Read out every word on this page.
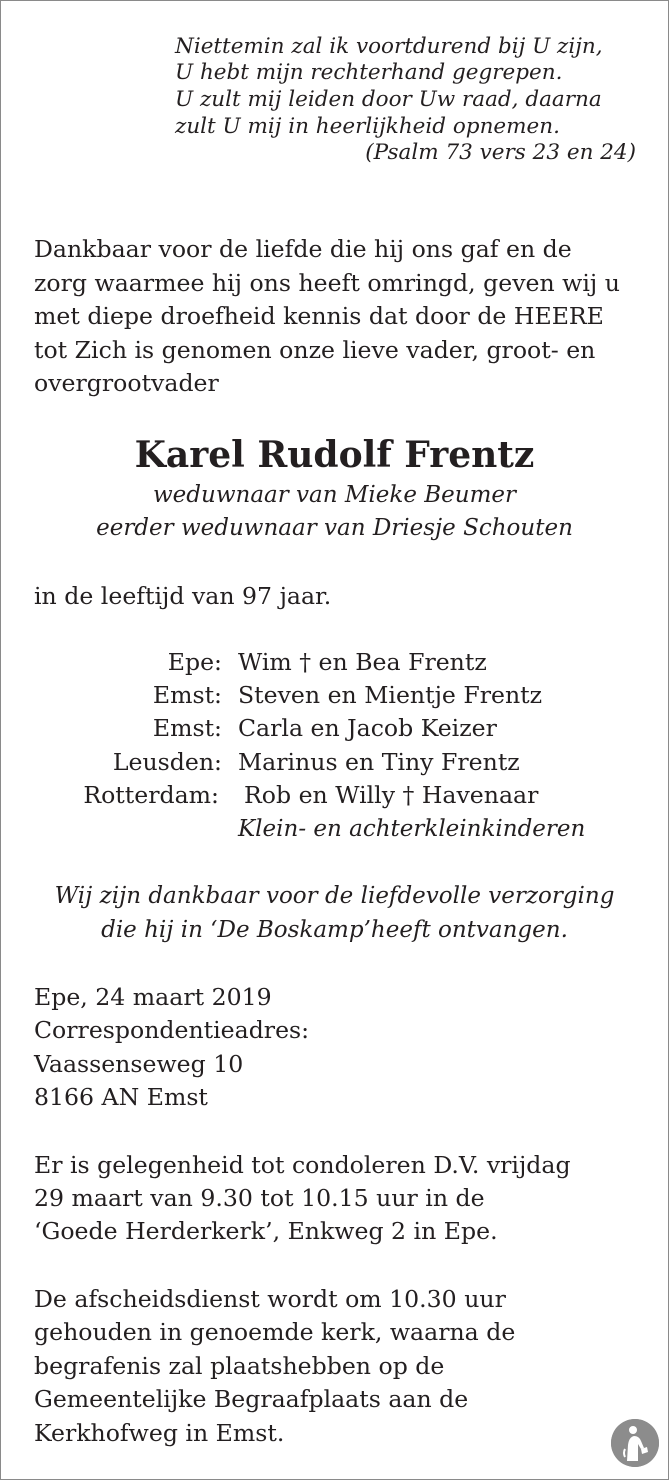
Niettemin zal ik voortdurend bij U zijn,
U hebt mijn rechterhand gegrepen.
U zult mij leiden door Uw raad, daarna
zult U mij in heerlijkheid opnemen.
(Psalm 73 vers 23 en 24)
Dankbaar voor de liefde die hij ons gaf en de
zorg waarmee hij ons heeft omringd, geven wij u
met diepe droefheid kennis dat door de HEERE
tot Zich is genomen onze lieve vader, groot- en
overgrootvader
Karel Rudolf Frentz
weduwnaar van Mieke Beumer
eerder weduwnaar van Driesje Schouten
in de leeftijd van 97 jaar.
Epe: Wim † en Bea Frentz
Emst: Steven en Mientje Frentz
Emst: Carla en Jacob Keizer
Leusden: Marinus en Tiny Frentz
Rotterdam: Rob en Willy † Havenaar
Klein- en achterkleinkinderen
Wij zijn dankbaar voor de liefdevolle verzorging
die hij in ‘De Boskamp’heeft ontvangen.
Epe, 24 maart 2019
Correspondentieadres:
Vaassenseweg 10
8166 AN Emst
Er is gelegenheid tot condoleren D.V. vrijdag
29 maart van 9.30 tot 10.15 uur in de
‘Goede Herderkerk’, Enkweg 2 in Epe.
De afscheidsdienst wordt om 10.30 uur
gehouden in genoemde kerk, waarna de
begrafenis zal plaatshebben op de
Gemeentelijke Begraafplaats aan de
Kerkhofweg in Emst.
